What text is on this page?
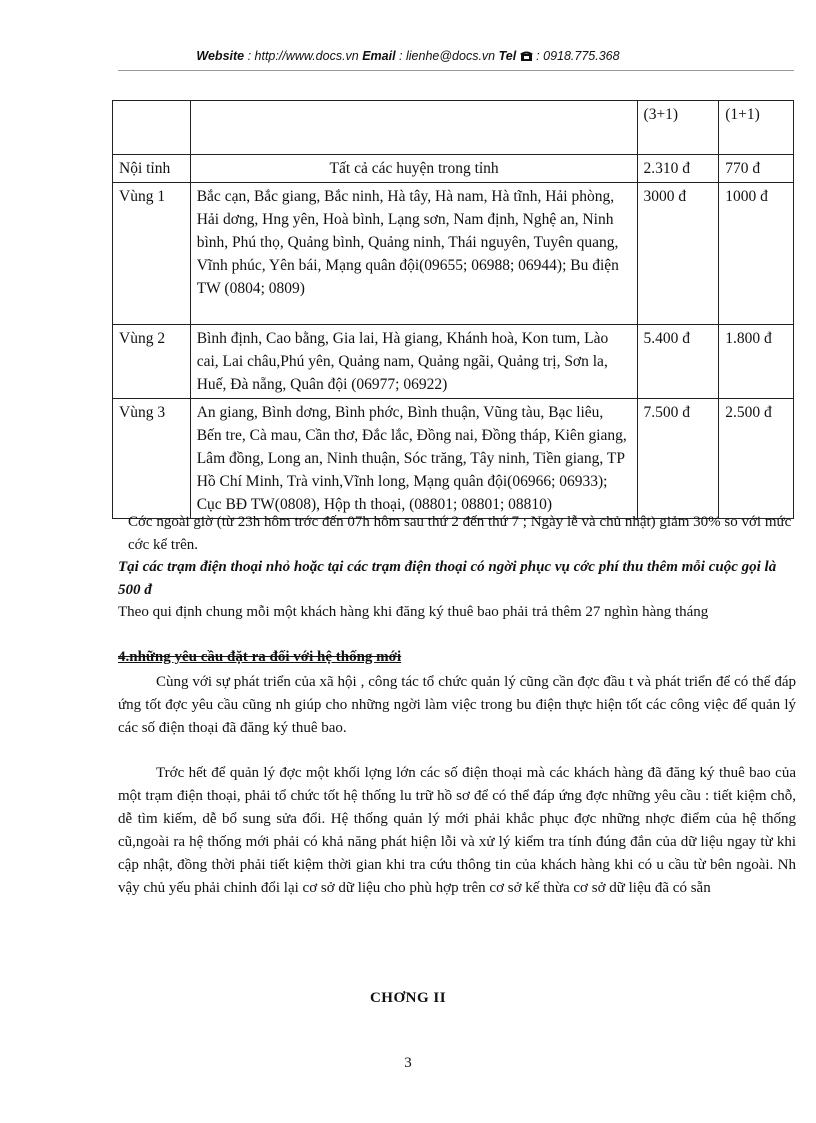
Website : http://www.docs.vn Email : lienhe@docs.vn Tel  : 0918.775.368
		(3+1)	(1+1)
Nội tỉnh	Tất cả các huyện trong tỉnh	2.310 đ	770 đ
Vùng 1	Bắc cạn, Bắc giang, Bắc ninh, Hà tây, Hà nam, Hà tĩnh, Hải phòng, Hải dơng, Hng yên, Hoà bình, Lạng sơn, Nam định, Nghệ an, Ninh bình, Phú thọ, Quảng bình, Quảng ninh, Thái nguyên, Tuyên quang, Vĩnh phúc, Yên bái, Mạng quân đội(09655; 06988; 06944); Bu điện TW (0804; 0809)	3000 đ	1000 đ
Vùng 2	Bình định, Cao bằng, Gia lai, Hà giang, Khánh hoà, Kon tum, Lào cai, Lai châu,Phú yên, Quảng nam, Quảng ngãi, Quảng trị, Sơn la, Huế, Đà nẵng, Quân đội (06977; 06922)	5.400 đ	1.800 đ
Vùng 3	An giang, Bình dơng, Bình phớc, Bình thuận, Vũng tàu, Bạc liêu, Bến tre, Cà mau, Cần thơ, Đắc lắc, Đồng nai, Đồng tháp, Kiên giang, Lâm đồng, Long an, Ninh thuận, Sóc trăng, Tây ninh, Tiền giang, TP Hồ Chí Minh, Trà vinh,Vĩnh long, Mạng quân đội(06966; 06933); Cục BĐ TW(0808), Hộp th thoại, (08801; 08801; 08810)	7.500 đ	2.500 đ
Cớc ngoài giờ (từ 23h hôm trớc đến 07h hôm sau thứ 2 đến thứ 7 ; Ngày lễ và chủ nhật) giảm 30% so với mức cớc kể trên.
Tại các trạm điện thoại nhỏ hoặc tại các trạm điện thoại có ngời phục vụ cớc phí thu thêm mỗi cuộc gọi là 500 đ
Theo qui định chung mỗi một khách hàng khi đăng ký thuê bao phải trả thêm 27 nghìn hàng tháng
4.những yêu cầu đặt ra đối với hệ thống mới
Cùng với sự phát triển của xã hội , công tác tổ chức quản lý cũng cần đợc đầu t và phát triển để có thể đáp ứng tốt đợc yêu cầu cũng nh giúp cho những ngời làm việc trong bu điện thực hiện tốt các công việc để quản lý các số điện thoại đã đăng ký thuê bao.
Trớc hết để quản lý đợc một khối lợng lớn các số điện thoại mà các khách hàng đã đăng ký thuê bao của một trạm điện thoại, phải tổ chức tốt hệ thống lu trữ hồ sơ để có thể đáp ứng đợc những yêu cầu : tiết kiệm chỗ, dễ tìm kiếm, dễ bổ sung sửa đổi. Hệ thống quản lý mới phải khắc phục đợc những nhợc điểm của hệ thống cũ,ngoài ra hệ thống mới phải có khả năng phát hiện lỗi và xử lý kiểm tra tính đúng đắn của dữ liệu ngay từ khi cập nhật, đồng thời phải tiết kiệm thời gian khi tra cứu thông tin của khách hàng khi có u cầu từ bên ngoài. Nh vậy chủ yếu phải chỉnh đổi lại cơ sở dữ liệu cho phù hợp trên cơ sở kế thừa cơ sở dữ liệu đã có sẵn
CHƠNG II
3
